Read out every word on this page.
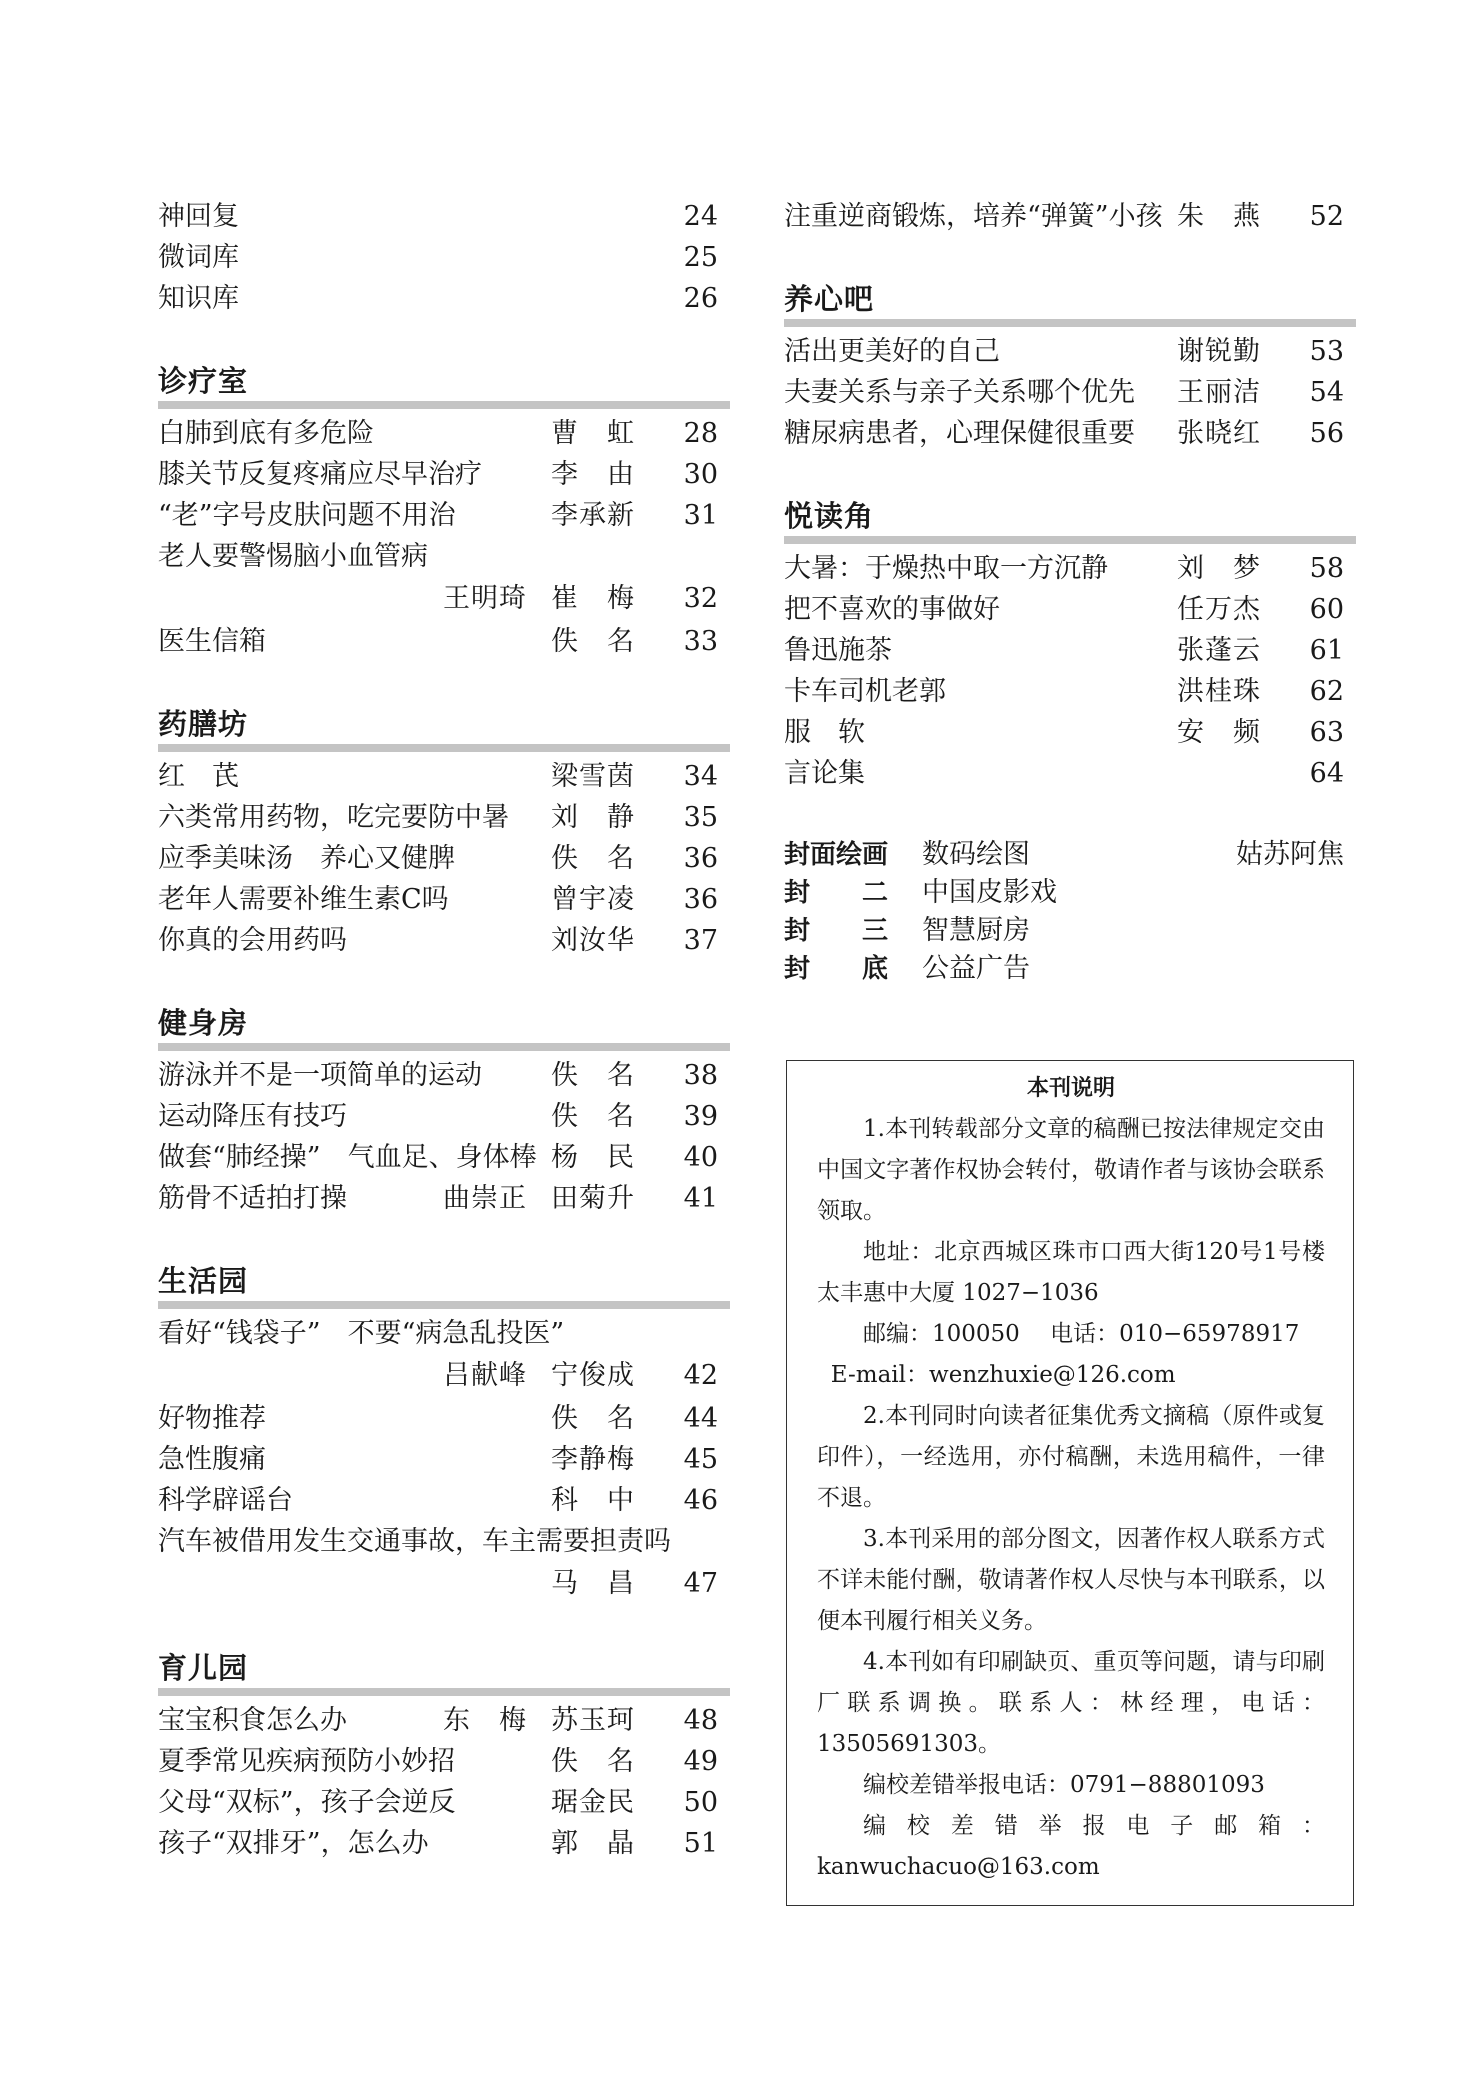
神回复	24
微词库	25
知识库	26
诊疗室
白肺到底有多危险	曹　虹 28
膝关节反复疼痛应尽早治疗	李　由 30
“老”字号皮肤问题不用治	李承新 31
老人要警惕脑小血管病
王明琦 崔　梅 32
医生信箱	佚　名 33
药膳坊
红　芪	梁雪茵 34
六类常用药物，吃完要防中暑 刘　静 35
应季美味汤　养心又健脾	佚　名 36
老年人需要补维生素C吗	曾宇凌 36
你真的会用药吗	刘汝华 37
健身房
游泳并不是一项简单的运动	佚　名 38
运动降压有技巧	佚　名 39
做套“肺经操”　气血足、身体棒 杨　民 40
筋骨不适拍打操	曲崇正 田菊升 41
生活园
看好“钱袋子”　不要“病急乱投医”
吕献峰 宁俊成 42
好物推荐	佚　名 44
急性腹痛	李静梅 45
科学辟谣台	科　中 46
汽车被借用发生交通事故，车主需要担责吗
马　昌 47
育儿园
宝宝积食怎么办	东　梅 苏玉珂 48
夏季常见疾病预防小妙招	佚　名 49
父母“双标”，孩子会逆反	琚金民 50
孩子“双排牙”，怎么办	郭　晶 51
注重逆商锻炼，培养“弹簧”小孩 朱　燕 52
养心吧
活出更美好的自己	谢锐勤 53
夫妻关系与亲子关系哪个优先 王丽洁 54
糖尿病患者，心理保健很重要 张晓红 56
悦读角
大暑：于燥热中取一方沉静	刘　梦 58
把不喜欢的事做好	任万杰 60
鲁迅施茶	张蓬云 61
卡车司机老郭	洪桂珠 62
服　软	安　频 63
言论集	64
封面绘画 数码绘图	姑苏阿焦
封　　二 中国皮影戏
封　　三 智慧厨房
封　　底 公益广告
本刊说明

1.本刊转载部分文章的稿酬已按法律规定交由中国文字著作权协会转付，敬请作者与该协会联系领取。

地址：北京西城区珠市口西大街120号1号楼太丰惠中大厦 1027−1036

邮编：100050　 电话：010−65978917

E-mail：wenzhuxie@126.com

2.本刊同时向读者征集优秀文摘稿（原件或复印件），一经选用，亦付稿酬，未选用稿件，一律不退。

3.本刊采用的部分图文，因著作权人联系方式不详未能付酬，敬请著作权人尽快与本刊联系，以便本刊履行相关义务。

4.本刊如有印刷缺页、重页等问题，请与印刷厂联系调换。联系人：林经理，电话：13505691303。

编校差错举报电话：0791−88801093

编校差错举报电子邮箱：kanwuchacuo@163.com
